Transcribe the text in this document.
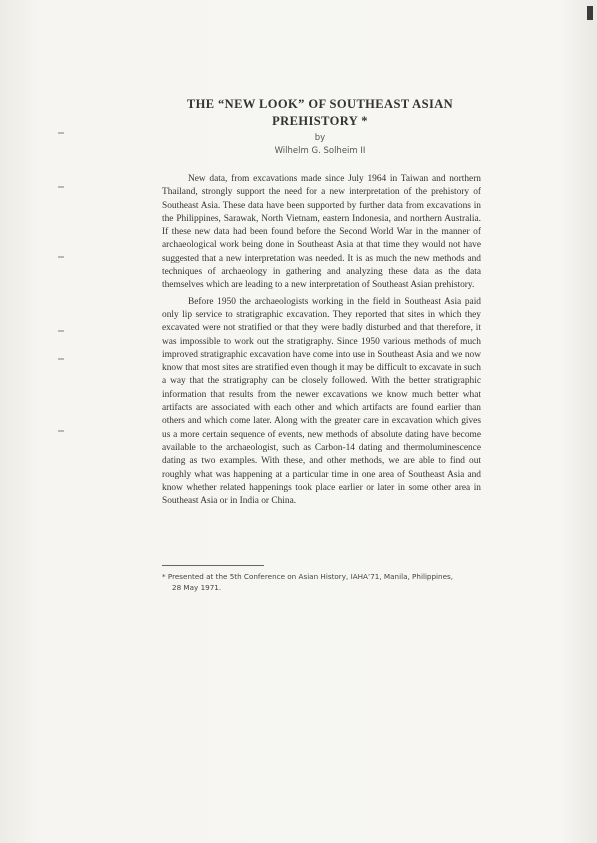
THE “NEW LOOK” OF SOUTHEAST ASIAN
PREHISTORY *
by
Wilhelm G. Solheim II

New data, from excavations made since July 1964 in Taiwan and northern Thailand, strongly support the need for a new interpretation of the prehistory of Southeast Asia. These data have been supported by further data from excavations in the Philippines, Sarawak, North Vietnam, eastern Indonesia, and northern Australia. If these new data had been found before the Second World War in the manner of archaeological work being done in Southeast Asia at that time they would not have suggested that a new interpretation was needed. It is as much the new methods and techniques of archaeology in gathering and analyzing these data as the data themselves which are leading to a new interpretation of Southeast Asian prehistory.

Before 1950 the archaeologists working in the field in Southeast Asia paid only lip service to stratigraphic excavation. They reported that sites in which they excavated were not stratified or that they were badly disturbed and that therefore, it was impossible to work out the stratigraphy. Since 1950 various methods of much improved stratigraphic excavation have come into use in Southeast Asia and we now know that most sites are stratified even though it may be difficult to excavate in such a way that the stratigraphy can be closely followed. With the better stratigraphic information that results from the newer excavations we know much better what artifacts are associated with each other and which artifacts are found earlier than others and which come later. Along with the greater care in excavation which gives us a more certain sequence of events, new methods of absolute dating have become available to the archaeologist, such as Carbon-14 dating and thermoluminescence dating as two examples. With these, and other methods, we are able to find out roughly what was happening at a particular time in one area of Southeast Asia and know whether related happenings took place earlier or later in some other area in Southeast Asia or in India or China.

* Presented at the 5th Conference on Asian History, IAHA’71, Manila, Philippines,
28 May 1971.
